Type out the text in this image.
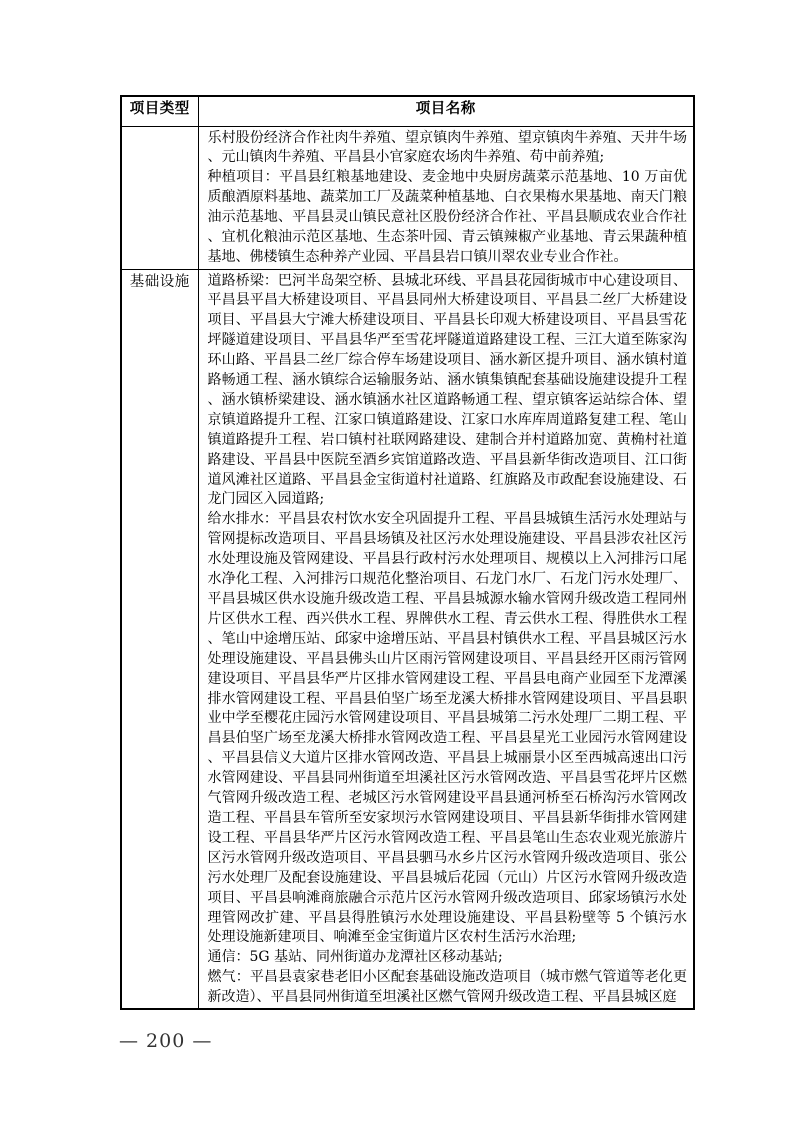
项目类型	项目名称

	乐村股份经济合作社肉牛养殖、望京镇肉牛养殖、望京镇肉牛养殖、天井牛场、元山镇肉牛养殖、平昌县小官家庭农场肉牛养殖、苟中前养殖;

种植项目：平昌县红粮基地建设、麦金地中央厨房蔬菜示范基地、10 万亩优质酿酒原料基地、蔬菜加工厂及蔬菜种植基地、白衣果梅水果基地、南天门粮油示范基地、平昌县灵山镇民意社区股份经济合作社、平昌县顺成农业合作社、宜机化粮油示范区基地、生态茶叶园、青云镇辣椒产业基地、青云果蔬种植基地、佛楼镇生态种养产业园、平昌县岩口镇川翠农业专业合作社。

基础设施	道路桥梁：巴河半岛架空桥、县城北环线、平昌县花园街城市中心建设项目、平昌县平昌大桥建设项目、平昌县同州大桥建设项目、平昌县二丝厂大桥建设项目、平昌县大宁滩大桥建设项目、平昌县长印观大桥建设项目、平昌县雪花坪隧道建设项目、平昌县华严至雪花坪隧道道路建设工程、三江大道至陈家沟环山路、平昌县二丝厂综合停车场建设项目、涵水新区提升项目、涵水镇村道路畅通工程、涵水镇综合运输服务站、涵水镇集镇配套基础设施建设提升工程、涵水镇桥梁建设、涵水镇涵水社区道路畅通工程、望京镇客运站综合体、望京镇道路提升工程、江家口镇道路建设、江家口水库库周道路复建工程、笔山镇道路提升工程、岩口镇村社联网路建设、建制合并村道路加宽、黄桷村社道路建设、平昌县中医院至酒乡宾馆道路改造、平昌县新华街改造项目、江口街道风滩社区道路、平昌县金宝街道村社道路、红旗路及市政配套设施建设、石龙门园区入园道路;

给水排水：平昌县农村饮水安全巩固提升工程、平昌县城镇生活污水处理站与管网提标改造项目、平昌县场镇及社区污水处理设施建设、平昌县涉农社区污水处理设施及管网建设、平昌县行政村污水处理项目、规模以上入河排污口尾水净化工程、入河排污口规范化整治项目、石龙门水厂、石龙门污水处理厂、平昌县城区供水设施升级改造工程、平昌县城源水输水管网升级改造工程同州片区供水工程、西兴供水工程、界牌供水工程、青云供水工程、得胜供水工程、笔山中途增压站、邱家中途增压站、平昌县村镇供水工程、平昌县城区污水处理设施建设、平昌县佛头山片区雨污管网建设项目、平昌县经开区雨污管网建设项目、平昌县华严片区排水管网建设工程、平昌县电商产业园至下龙潭溪排水管网建设工程、平昌县伯坚广场至龙溪大桥排水管网建设项目、平昌县职业中学至樱花庄园污水管网建设项目、平昌县城第二污水处理厂二期工程、平昌县伯坚广场至龙溪大桥排水管网改造工程、平昌县星光工业园污水管网建设、平昌县信义大道片区排水管网改造、平昌县上城丽景小区至西城高速出口污水管网建设、平昌县同州街道至坦溪社区污水管网改造、平昌县雪花坪片区燃气管网升级改造工程、老城区污水管网建设平昌县通河桥至石桥沟污水管网改造工程、平昌县车管所至安家坝污水管网建设项目、平昌县新华街排水管网建设工程、平昌县华严片区污水管网改造工程、平昌县笔山生态农业观光旅游片区污水管网升级改造项目、平昌县驷马水乡片区污水管网升级改造项目、张公污水处理厂及配套设施建设、平昌县城后花园（元山）片区污水管网升级改造项目、平昌县响滩商旅融合示范片区污水管网升级改造项目、邱家场镇污水处理管网改扩建、平昌县得胜镇污水处理设施建设、平昌县粉壁等 5 个镇污水处理设施新建项目、响滩至金宝街道片区农村生活污水治理;

通信：5G 基站、同州街道办龙潭社区移动基站;

燃气：平昌县袁家巷老旧小区配套基础设施改造项目（城市燃气管道等老化更新改造）、平昌县同州街道至坦溪社区燃气管网升级改造工程、平昌县城区庭

— 200 —
